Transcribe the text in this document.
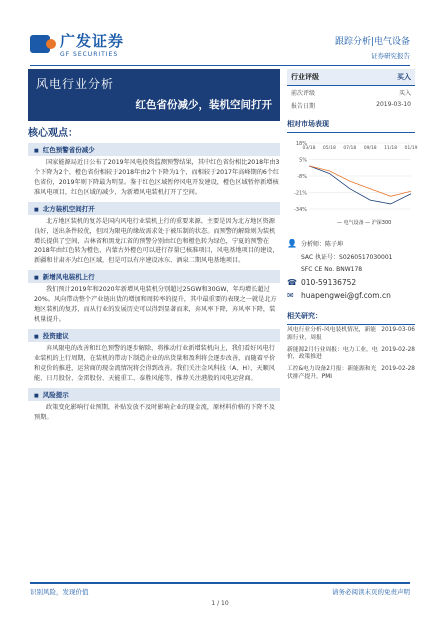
广发证券
GF SECURITIES
跟踪分析|电气设备
证券研究报告
风电行业分析
红色省份减少，装机空间打开
行业评级	买入
前次评级	买入
报告日期	2019-03-10
相对市场表现
18%
5%
-8%
-21%
-34%
03/18 05/18 07/18 09/18 11/18 01/19
— 电气设备 — 沪深300
👤 分析师：陈子坤
SAC 执证号：S0260517030001
SFC CE No. BNW178
☎ 010-59136752
✉ huapengwei@gf.com.cn
相关研究：
风电行业分析-风电装机情况，新能源行业，周报
2019-03-06
新能源2月行业周报：电力工业，电价，政策推进
2019-02-28
工控&电力设备2月报：新能源和光伏排产提升，PMI
2019-02-28
核心观点：
■ 红色预警省份减少

国家能源局近日公布了2019年风电投资监测预警结果，其中红色省份相比2018年由3个下降为2个，橙色省份相较于2018年由2个下降为1个，而相较于2017年高峰期的6个红色省份，2019年则下降最为明显。鉴于红色区域暂停风电开发建设，橙色区域暂停新增核准风电项目，红色区域的减少，为新增风电装机打开了空间。

■ 北方装机空间打开

北方地区装机的复苏是国内风电行业装机上行的重要来源。主要是因为北方地区资源良好，送出条件较优，但因为限电的缘故需求处于被压制的状态。而预警的解除则为装机增长提供了空间，吉林省和黑龙江省的预警分别由红色和橙色转为绿色，宁夏的预警在2018年由红色转为橙色，内蒙古外橙色可以进行存量已核准项目，风电基地项目的建设，新疆和甘肃亦为红色区域，但是可以有序建设冰东、酒泉二期风电基地项目。

■ 新增风电装机上行

我们预计2019年和2020年新增风电装机分别超过25GW和30GW，年均增长超过20%。风向带动整个产业链出货的增加和周转率的提升，其中最重要的表现之一就是北方地区装机的复苏，而从行业的发展历史可以得到显著而来，弃风率下降，弃风率下降，装机量提升。

■ 投资建议

弃风限电的改善和红色预警的逐步解除，将推动行业新增装机向上，我们看好风电行业装机的上行周期，在装机的带动下制造企业的出货量和盈利将会逐步改善，而随着平价和竞价的推进，运营商的现金流情况将会得到改善。我们关注金风科技（A、H）、天顺风能、日月股份、金雷股份、天能重工、泰胜风能等，推荐关注港股的风电运营商。

■ 风险提示

政策变化影响行业预期，补贴发放不及时影响企业的现金流，原材料价格的下降不及预期。

识别风险，发现价值	请务必阅读末页的免责声明
1 / 10
